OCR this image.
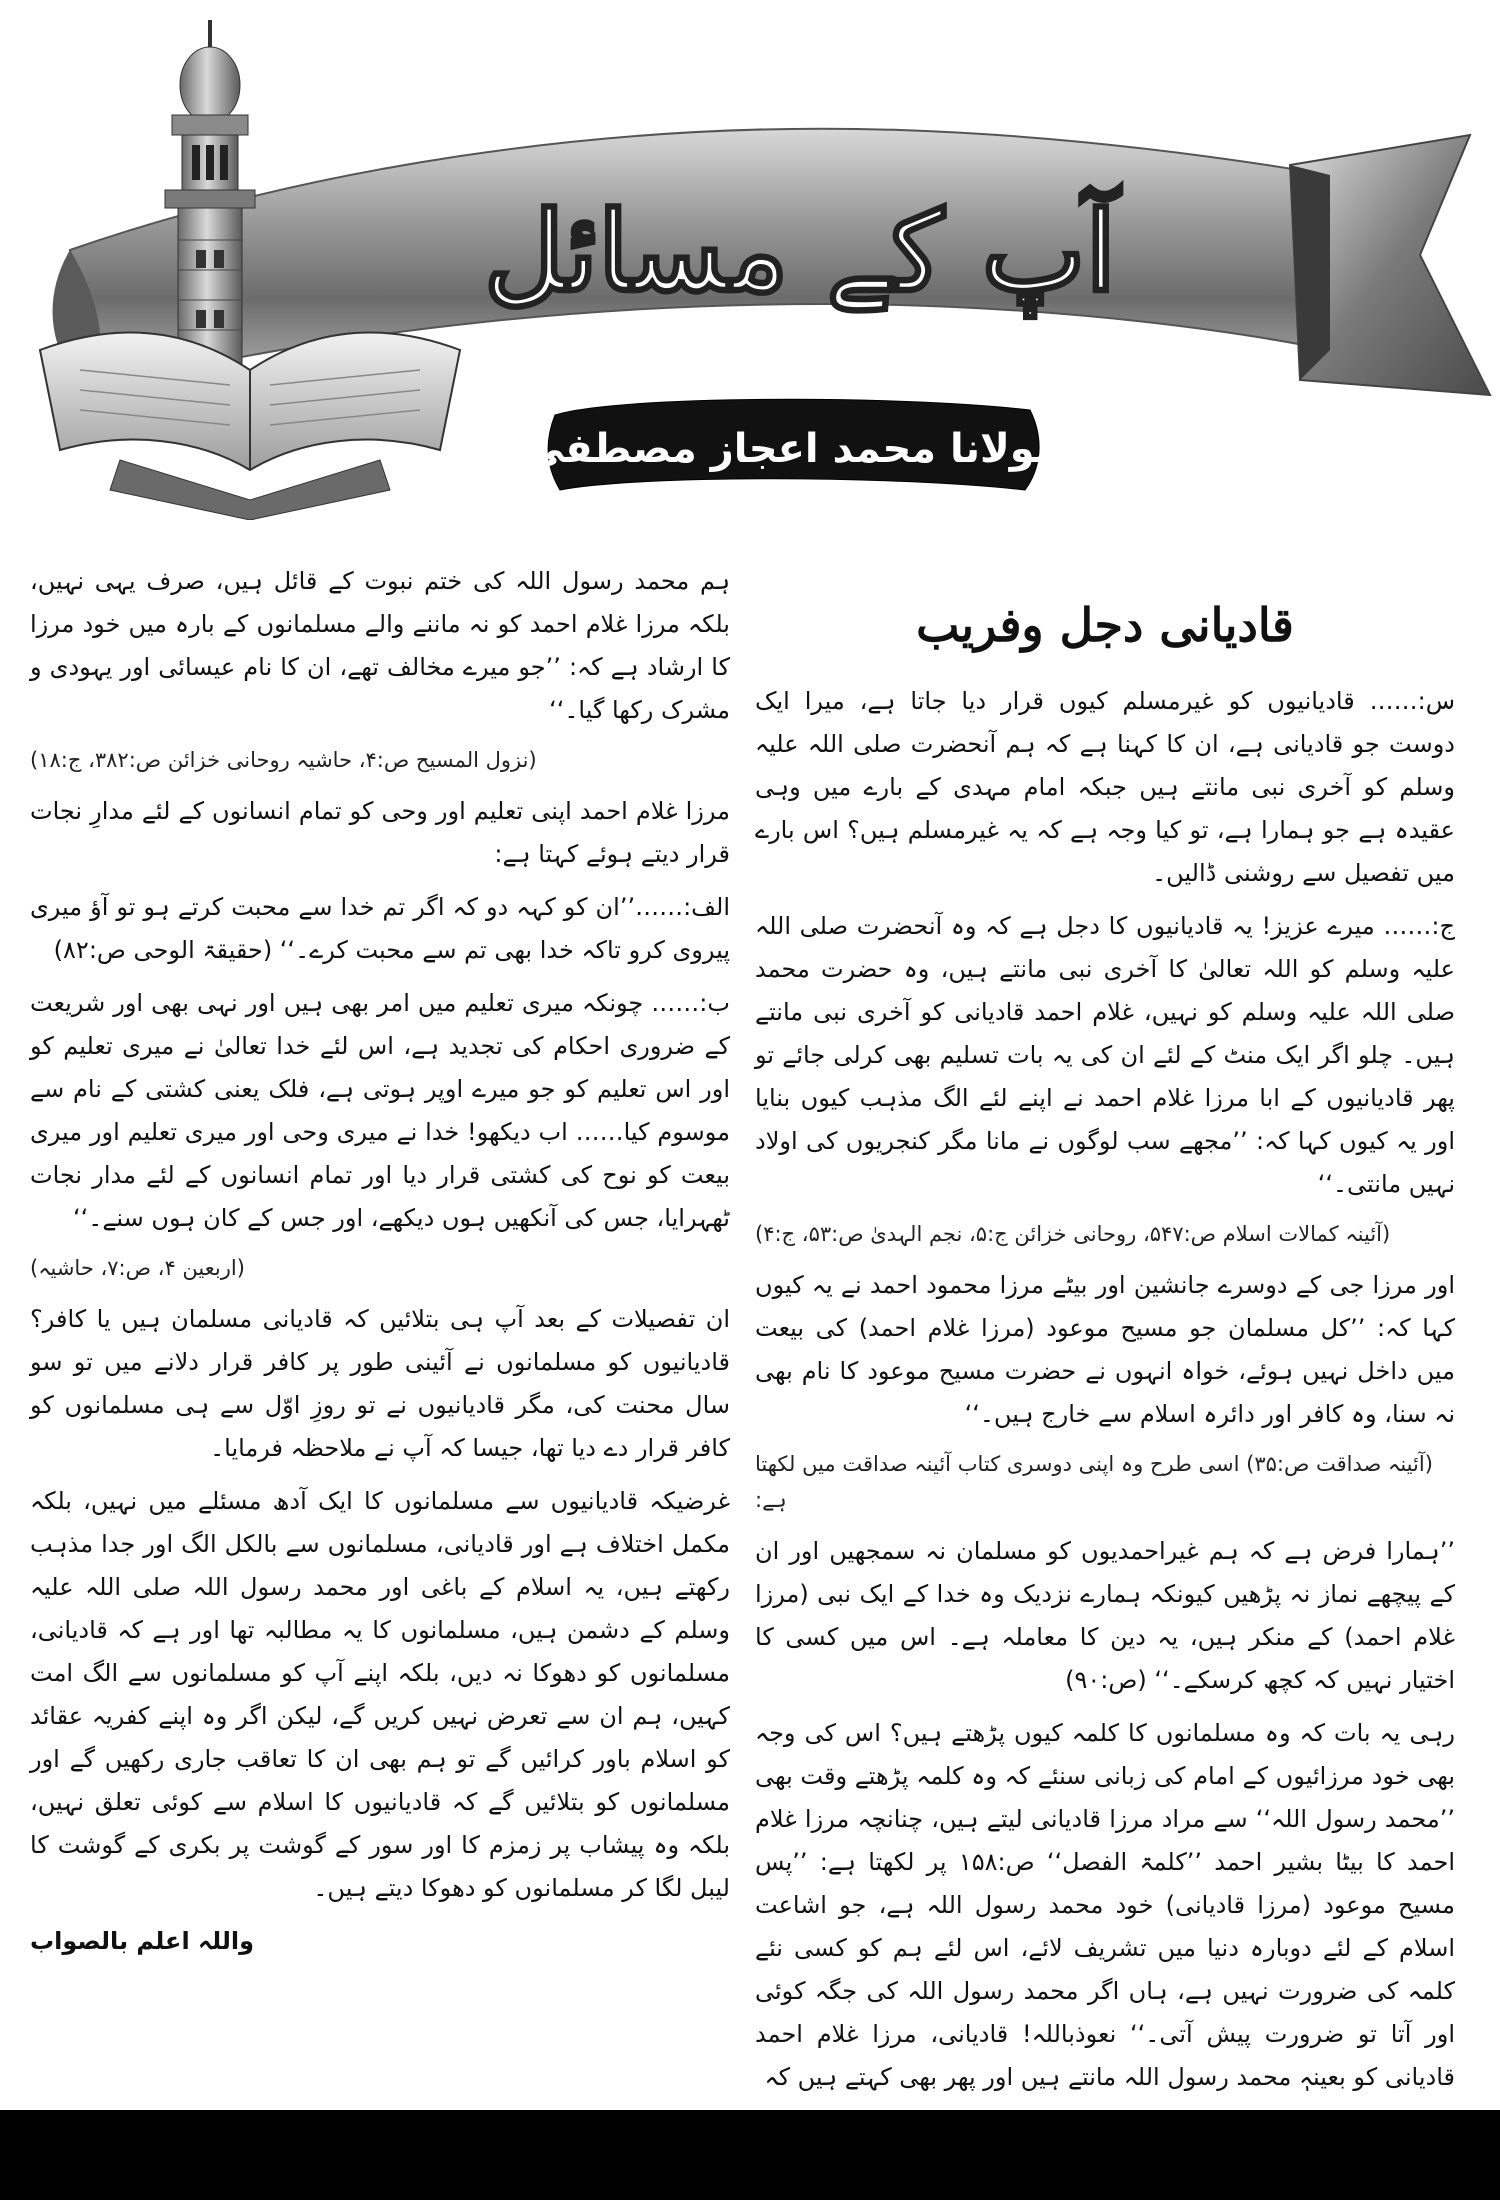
آپ کے مسائل
مولانا محمد اعجاز مصطفیٰ
قادیانی دجل وفریب

س:…… قادیانیوں کو غیرمسلم کیوں قرار دیا جاتا ہے، میرا ایک دوست جو قادیانی ہے، ان کا کہنا ہے کہ ہم آنحضرت صلی اللہ علیہ وسلم کو آخری نبی مانتے ہیں جبکہ امام مہدی کے بارے میں وہی عقیدہ ہے جو ہمارا ہے، تو کیا وجہ ہے کہ یہ غیرمسلم ہیں؟ اس بارے میں تفصیل سے روشنی ڈالیں۔

ج:…… میرے عزیز! یہ قادیانیوں کا دجل ہے کہ وہ آنحضرت صلی اللہ علیہ وسلم کو اللہ تعالیٰ کا آخری نبی مانتے ہیں، وہ حضرت محمد صلی اللہ علیہ وسلم کو نہیں، غلام احمد قادیانی کو آخری نبی مانتے ہیں۔ چلو اگر ایک منٹ کے لئے ان کی یہ بات تسلیم بھی کرلی جائے تو پھر قادیانیوں کے ابا مرزا غلام احمد نے اپنے لئے الگ مذہب کیوں بنایا اور یہ کیوں کہا کہ: ’’مجھے سب لوگوں نے مانا مگر کنجریوں کی اولاد نہیں مانتی۔‘‘

(آئینہ کمالات اسلام ص:۵۴۷، روحانی خزائن ج:۵، نجم الہدیٰ ص:۵۳، ج:۴)

اور مرزا جی کے دوسرے جانشین اور بیٹے مرزا محمود احمد نے یہ کیوں کہا کہ: ’’کل مسلمان جو مسیح موعود (مرزا غلام احمد) کی بیعت میں داخل نہیں ہوئے، خواہ انہوں نے حضرت مسیح موعود کا نام بھی نہ سنا، وہ کافر اور دائرہ اسلام سے خارج ہیں۔‘‘

(آئینہ صداقت ص:۳۵) اسی طرح وہ اپنی دوسری کتاب آئینہ صداقت میں لکھتا ہے:

’’ہمارا فرض ہے کہ ہم غیراحمدیوں کو مسلمان نہ سمجھیں اور ان کے پیچھے نماز نہ پڑھیں کیونکہ ہمارے نزدیک وہ خدا کے ایک نبی (مرزا غلام احمد) کے منکر ہیں، یہ دین کا معاملہ ہے۔ اس میں کسی کا اختیار نہیں کہ کچھ کرسکے۔‘‘ (ص:۹۰)

رہی یہ بات کہ وہ مسلمانوں کا کلمہ کیوں پڑھتے ہیں؟ اس کی وجہ بھی خود مرزائیوں کے امام کی زبانی سنئے کہ وہ کلمہ پڑھتے وقت بھی ’’محمد رسول اللہ‘‘ سے مراد مرزا قادیانی لیتے ہیں، چنانچہ مرزا غلام احمد کا بیٹا بشیر احمد ’’کلمۃ الفصل‘‘ ص:۱۵۸ پر لکھتا ہے: ’’پس مسیح موعود (مرزا قادیانی) خود محمد رسول اللہ ہے، جو اشاعت اسلام کے لئے دوبارہ دنیا میں تشریف لائے، اس لئے ہم کو کسی نئے کلمہ کی ضرورت نہیں ہے، ہاں اگر محمد رسول اللہ کی جگہ کوئی اور آتا تو ضرورت پیش آتی۔‘‘ نعوذباللہ! قادیانی، مرزا غلام احمد قادیانی کو بعینہٖ محمد رسول اللہ مانتے ہیں اور پھر بھی کہتے ہیں کہ

ہم محمد رسول اللہ کی ختم نبوت کے قائل ہیں، صرف یہی نہیں، بلکہ مرزا غلام احمد کو نہ ماننے والے مسلمانوں کے بارہ میں خود مرزا کا ارشاد ہے کہ: ’’جو میرے مخالف تھے، ان کا نام عیسائی اور یہودی و مشرک رکھا گیا۔‘‘

(نزول المسیح ص:۴، حاشیہ روحانی خزائن ص:۳۸۲، ج:۱۸)

مرزا غلام احمد اپنی تعلیم اور وحی کو تمام انسانوں کے لئے مدارِ نجات قرار دیتے ہوئے کہتا ہے:

الف:……’’ان کو کہہ دو کہ اگر تم خدا سے محبت کرتے ہو تو آؤ میری پیروی کرو تاکہ خدا بھی تم سے محبت کرے۔‘‘ (حقیقۃ الوحی ص:۸۲)

ب:…… چونکہ میری تعلیم میں امر بھی ہیں اور نہی بھی اور شریعت کے ضروری احکام کی تجدید ہے، اس لئے خدا تعالیٰ نے میری تعلیم کو اور اس تعلیم کو جو میرے اوپر ہوتی ہے، فلک یعنی کشتی کے نام سے موسوم کیا…… اب دیکھو! خدا نے میری وحی اور میری تعلیم اور میری بیعت کو نوح کی کشتی قرار دیا اور تمام انسانوں کے لئے مدار نجات ٹھہرایا، جس کی آنکھیں ہوں دیکھے، اور جس کے کان ہوں سنے۔‘‘

(اربعین ۴، ص:۷، حاشیہ)

ان تفصیلات کے بعد آپ ہی بتلائیں کہ قادیانی مسلمان ہیں یا کافر؟ قادیانیوں کو مسلمانوں نے آئینی طور پر کافر قرار دلانے میں تو سو سال محنت کی، مگر قادیانیوں نے تو روزِ اوّل سے ہی مسلمانوں کو کافر قرار دے دیا تھا، جیسا کہ آپ نے ملاحظہ فرمایا۔

غرضیکہ قادیانیوں سے مسلمانوں کا ایک آدھ مسئلے میں نہیں، بلکہ مکمل اختلاف ہے اور قادیانی، مسلمانوں سے بالکل الگ اور جدا مذہب رکھتے ہیں، یہ اسلام کے باغی اور محمد رسول اللہ صلی اللہ علیہ وسلم کے دشمن ہیں، مسلمانوں کا یہ مطالبہ تھا اور ہے کہ قادیانی، مسلمانوں کو دھوکا نہ دیں، بلکہ اپنے آپ کو مسلمانوں سے الگ امت کہیں، ہم ان سے تعرض نہیں کریں گے، لیکن اگر وہ اپنے کفریہ عقائد کو اسلام باور کرائیں گے تو ہم بھی ان کا تعاقب جاری رکھیں گے اور مسلمانوں کو بتلائیں گے کہ قادیانیوں کا اسلام سے کوئی تعلق نہیں، بلکہ وہ پیشاب پر زمزم کا اور سور کے گوشت پر بکری کے گوشت کا لیبل لگا کر مسلمانوں کو دھوکا دیتے ہیں۔

واللہ اعلم بالصواب
